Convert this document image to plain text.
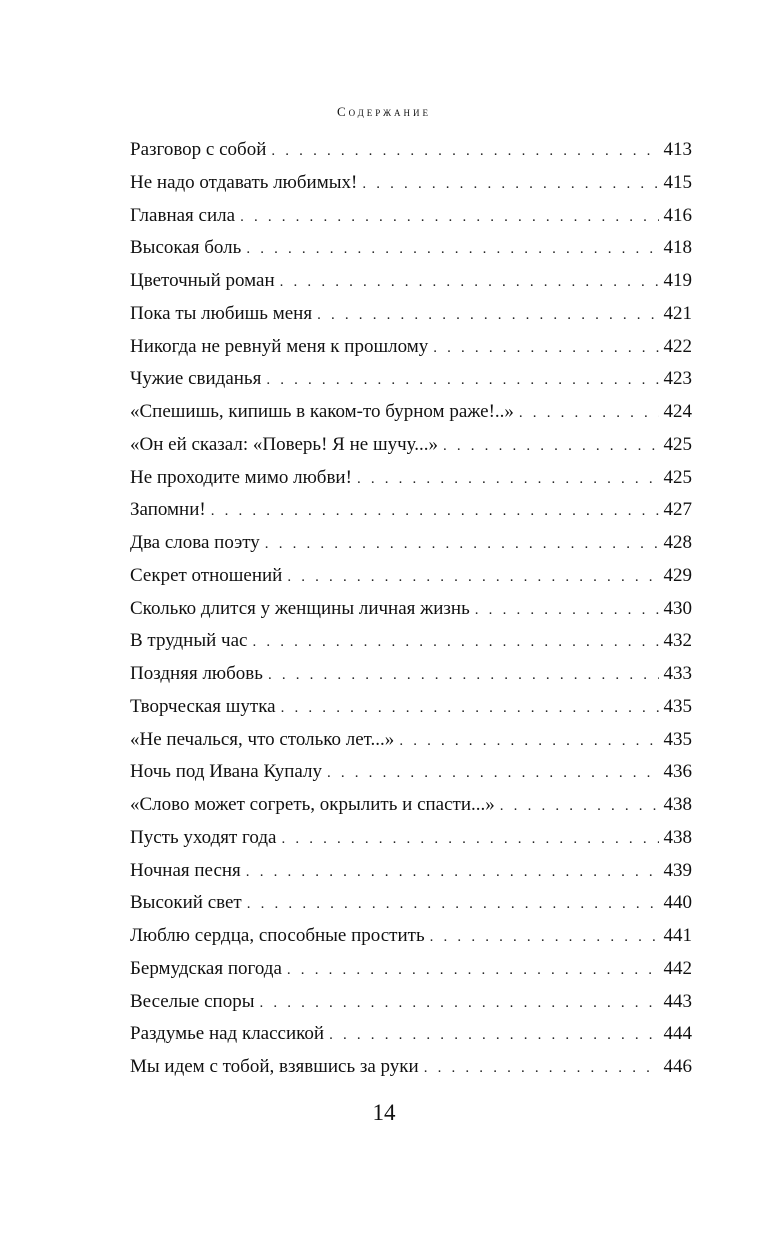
Содержание
Разговор с собой . . .	413
Не надо отдавать любимых! . . .	415
Главная сила . . .	416
Высокая боль . . .	418
Цветочный роман . . .	419
Пока ты любишь меня . . .	421
Никогда не ревнуй меня к прошлому . . .	422
Чужие свиданья . . .	423
«Спешишь, кипишь в каком-то бурном раже!..» . . .	424
«Он ей сказал: «Поверь! Я не шучу...» . . .	425
Не проходите мимо любви! . . .	425
Запомни! . . .	427
Два слова поэту . . .	428
Секрет отношений . . .	429
Сколько длится у женщины личная жизнь . . .	430
В трудный час . . .	432
Поздняя любовь . . .	433
Творческая шутка . . .	435
«Не печалься, что столько лет...» . . .	435
Ночь под Ивана Купалу . . .	436
«Слово может согреть, окрылить и спасти...» . . .	438
Пусть уходят года . . .	438
Ночная песня . . .	439
Высокий свет . . .	440
Люблю сердца, способные простить . . .	441
Бермудская погода . . .	442
Веселые споры . . .	443
Раздумье над классикой . . .	444
Мы идем с тобой, взявшись за руки . . .	446
14
